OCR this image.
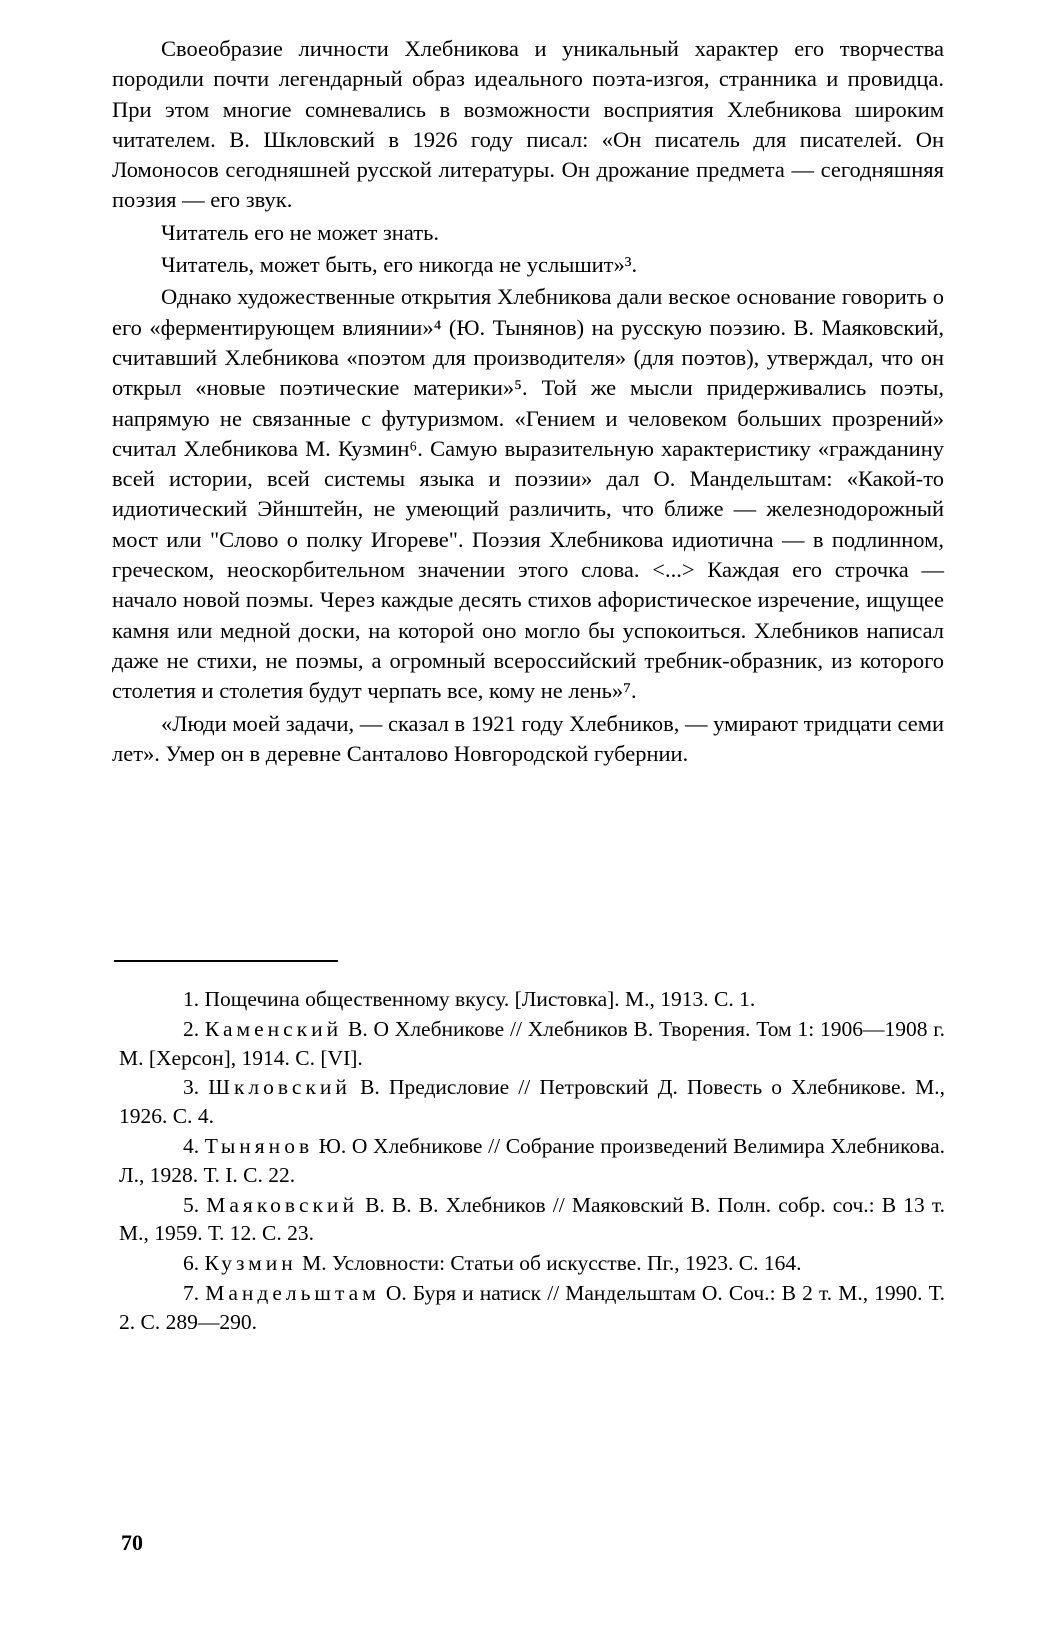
Своеобразие личности Хлебникова и уникальный характер его творчества породили почти легендарный образ идеального поэта-изгоя, странника и провидца. При этом многие сомневались в возможности восприятия Хлебникова широким читателем. В. Шкловский в 1926 году писал: «Он писатель для писателей. Он Ломоносов сегодняшней русской литературы. Он дрожание предмета — сегодняшняя поэзия — его звук.

Читатель его не может знать.

Читатель, может быть, его никогда не услышит»³.

Однако художественные открытия Хлебникова дали веское основание говорить о его «ферментирующем влиянии»⁴ (Ю. Тынянов) на русскую поэзию. В. Маяковский, считавший Хлебникова «поэтом для производителя» (для поэтов), утверждал, что он открыл «новые поэтические материки»⁵. Той же мысли придерживались поэты, напрямую не связанные с футуризмом. «Гением и человеком больших прозрений» считал Хлебникова М. Кузмин⁶. Самую выразительную характеристику «гражданину всей истории, всей системы языка и поэзии» дал О. Мандельштам: «Какой-то идиотический Эйнштейн, не умеющий различить, что ближе — железнодорожный мост или "Слово о полку Игореве". Поэзия Хлебникова идиотична — в подлинном, греческом, неоскорбительном значении этого слова. <...> Каждая его строчка — начало новой поэмы. Через каждые десять стихов афористическое изречение, ищущее камня или медной доски, на которой оно могло бы успокоиться. Хлебников написал даже не стихи, не поэмы, а огромный всероссийский требник-образник, из которого столетия и столетия будут черпать все, кому не лень»⁷.

«Люди моей задачи, — сказал в 1921 году Хлебников, — умирают тридцати семи лет». Умер он в деревне Санталово Новгородской губернии.

1. Пощечина общественному вкусу. [Листовка]. М., 1913. С. 1.

2. Каменский В. О Хлебникове // Хлебников В. Творения. Том 1: 1906—1908 г. М. [Херсон], 1914. С. [VI].

3. Шкловский В. Предисловие // Петровский Д. Повесть о Хлебникове. М., 1926. С. 4.

4. Тынянов Ю. О Хлебникове // Собрание произведений Велимира Хлебникова. Л., 1928. Т. I. С. 22.

5. Маяковский В. В. В. Хлебников // Маяковский В. Полн. собр. соч.: В 13 т. М., 1959. Т. 12. С. 23.

6. Кузмин М. Условности: Статьи об искусстве. Пг., 1923. С. 164.

7. Мандельштам О. Буря и натиск // Мандельштам О. Соч.: В 2 т. М., 1990. Т. 2. С. 289—290.

70
